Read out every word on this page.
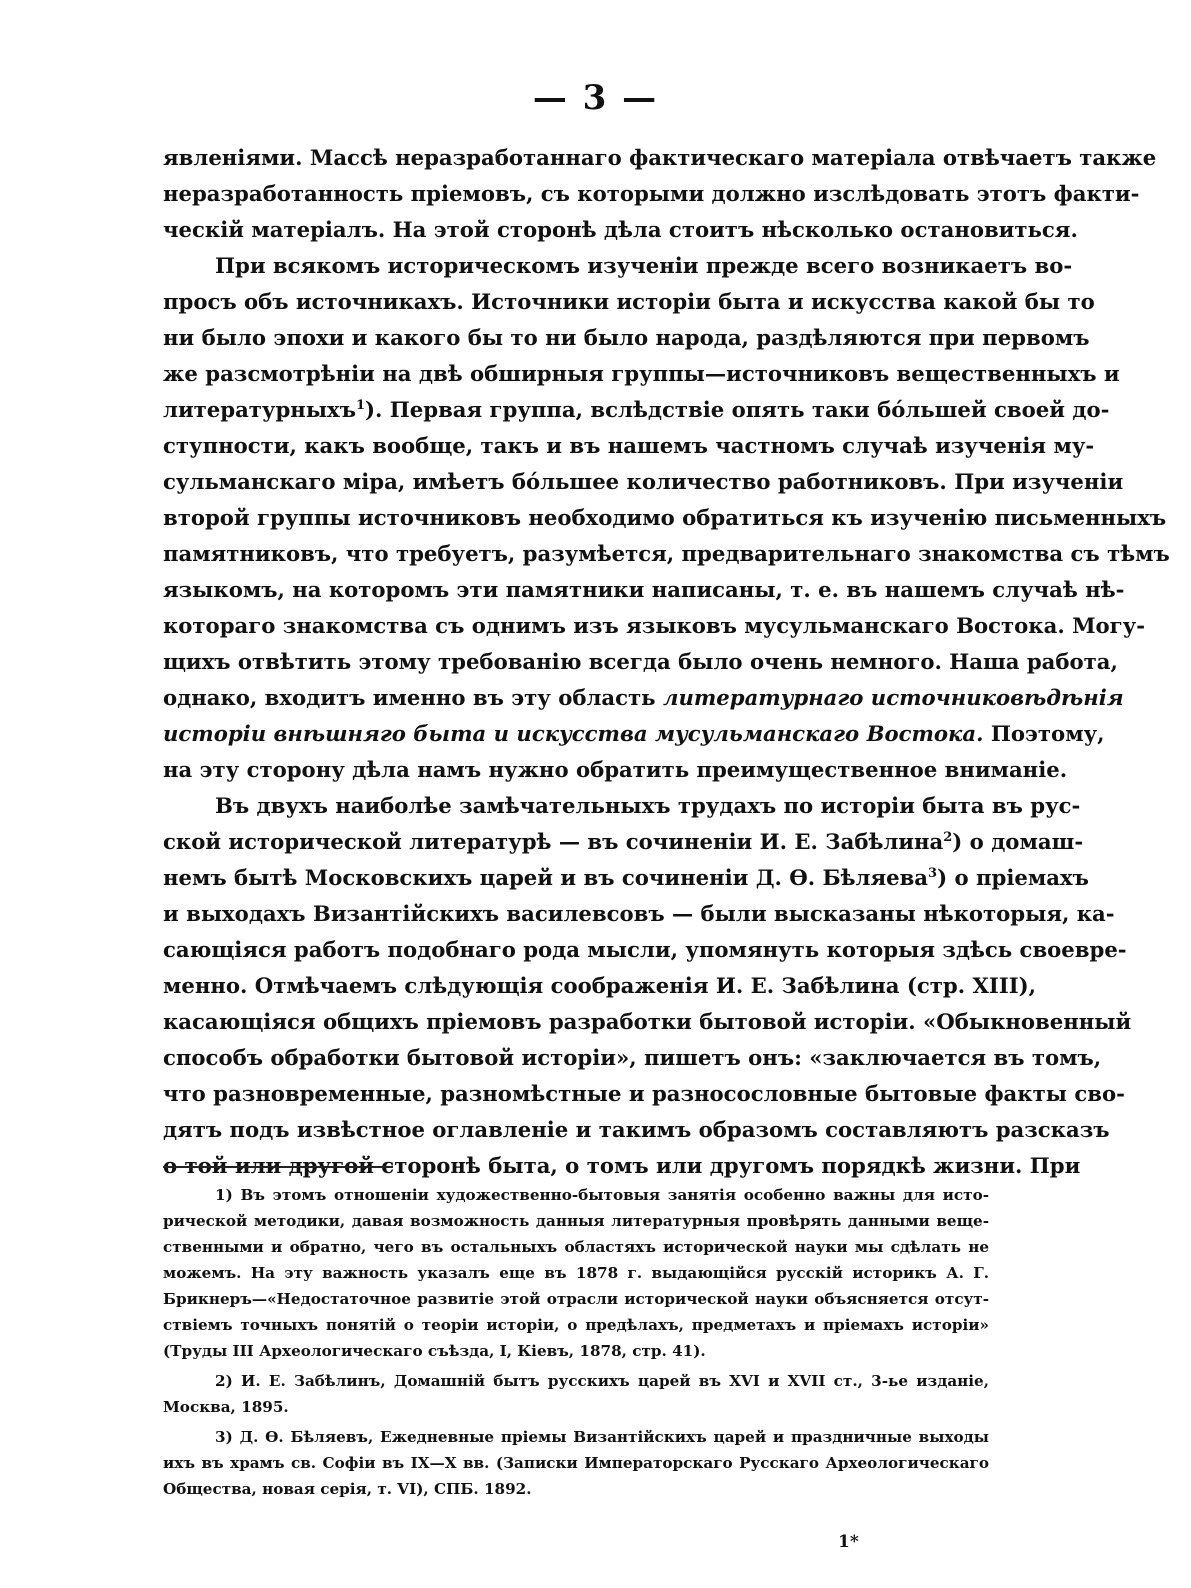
— 3 —
явленіями. Массѣ неразработаннаго фактическаго матеріала отвѣчаетъ также
неразработанность пріемовъ, съ которыми должно изслѣдовать этотъ факти-
ческій матеріалъ. На этой сторонѣ дѣла стоитъ нѣсколько остановиться.
При всякомъ историческомъ изученіи прежде всего возникаетъ во-
просъ объ источникахъ. Источники исторіи быта и искусства какой бы то
ни было эпохи и какого бы то ни было народа, раздѣляются при первомъ
же разсмотрѣніи на двѣ обширныя группы—источниковъ вещественныхъ и
литературныхъ$^1$). Первая группа, вслѣдствіе опять таки бóльшей своей до-
ступности, какъ вообще, такъ и въ нашемъ частномъ случаѣ изученія му-
сульманскаго міра, имѣетъ бóльшее количество работниковъ. При изученіи
второй группы источниковъ необходимо обратиться къ изученію письменныхъ
памятниковъ, что требуетъ, разумѣется, предварительнаго знакомства съ тѣмъ
языкомъ, на которомъ эти памятники написаны, т. е. въ нашемъ случаѣ нѣ-
котораго знакомства съ однимъ изъ языковъ мусульманскаго Востока. Могу-
щихъ отвѣтить этому требованію всегда было очень немного. Наша работа,
однако, входитъ именно въ эту область литературнаго источниковѣдѣнія
исторіи внѣшняго быта и искусства мусульманскаго Востока. Поэтому,
на эту сторону дѣла намъ нужно обратить преимущественное вниманіе.
Въ двухъ наиболѣе замѣчательныхъ трудахъ по исторіи быта въ рус-
ской исторической литературѣ — въ сочиненіи И. Е. Забѣлина$^2$) о домаш-
немъ бытѣ Московскихъ царей и въ сочиненіи Д. Ѳ. Бѣляева$^3$) о пріемахъ
и выходахъ Византійскихъ василевсовъ — были высказаны нѣкоторыя, ка-
сающіяся работъ подобнаго рода мысли, упомянуть которыя здѣсь своевре-
менно. Отмѣчаемъ слѣдующія соображенія И. Е. Забѣлина (стр. XIII),
касающіяся общихъ пріемовъ разработки бытовой исторіи. «Обыкновенный
способъ обработки бытовой исторіи», пишетъ онъ: «заключается въ томъ,
что разновременные, разномѣстные и разносословные бытовые факты сво-
дятъ подъ извѣстное оглавленіе и такимъ образомъ составляютъ разсказъ
о той или другой сторонѣ быта, о томъ или другомъ порядкѣ жизни. При
1) Въ этомъ отношеніи художественно-бытовыя занятія особенно важны для исто-
рической методики, давая возможность данныя литературныя провѣрять данными веще-
ственными и обратно, чего въ остальныхъ областяхъ исторической науки мы сдѣлать не
можемъ. На эту важность указалъ еще въ 1878 г. выдающійся русскій историкъ А. Г.
Брикнеръ—«Недостаточное развитіе этой отрасли исторической науки объясняется отсут-
ствіемъ точныхъ понятій о теоріи исторіи, о предѣлахъ, предметахъ и пріемахъ исторіи»
(Труды III Археологическаго съѣзда, I, Кіевъ, 1878, стр. 41).
2) И. Е. Забѣлинъ, Домашній бытъ русскихъ царей въ XVI и XVII ст., 3-ье изданіе,
Москва, 1895.
3) Д. Ѳ. Бѣляевъ, Ежедневные пріемы Византійскихъ царей и праздничные выходы
ихъ въ храмъ св. Софіи въ IX—X вв. (Записки Императорскаго Русскаго Археологическаго
Общества, новая серія, т. VI), СПБ. 1892.
1*
